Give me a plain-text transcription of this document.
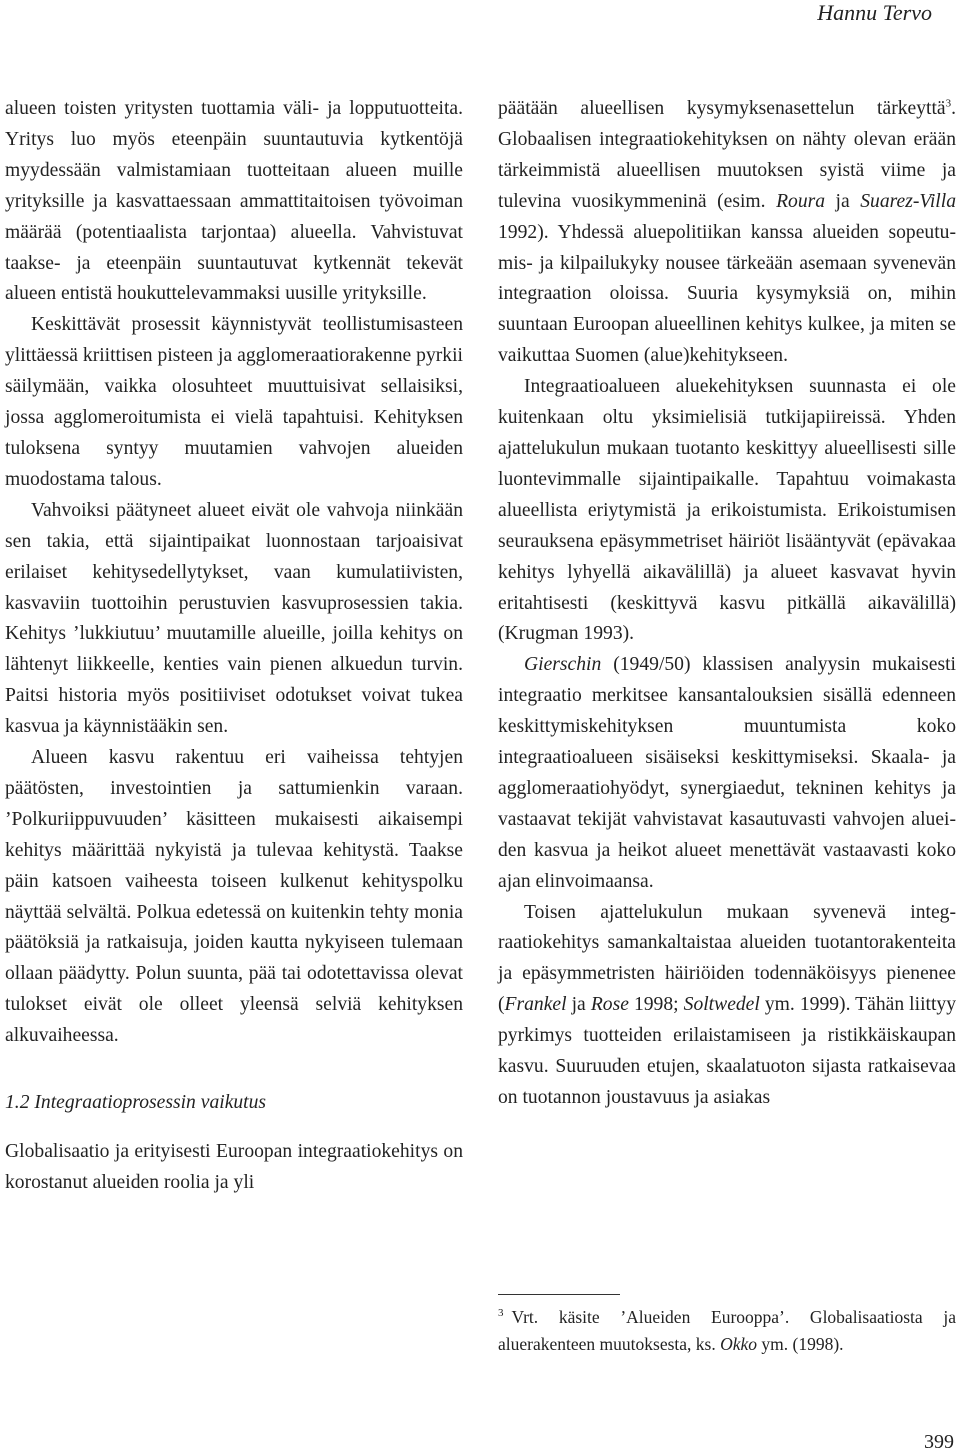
Hannu Tervo

alueen toisten yritysten tuottamia väli- ja lopputuotteita. Yritys luo myös eteenpäin suuntautuvia kytkentöjä myydessään valmistamiaan tuotteitaan alueen muille yrityksille ja kasvattaessaan ammattitaitoisen työvoiman määrää (potentiaalista tarjontaa) alueella. Vahvistuvat taakse- ja eteenpäin suuntautuvat kytkennät tekevät alueen entistä houkuttelevammaksi uusille yrityksille.

Keskittävät prosessit käynnistyvät teollistumisasteen ylittäessä kriittisen pisteen ja agglomeraatiorakenne pyrkii säilymään, vaikka olosuhteet muuttuisivat sellaisiksi, jossa agglomeroitumista ei vielä tapahtuisi. Kehityksen tuloksena syntyy muutamien vahvojen alueiden muodostama talous.

Vahvoiksi päätyneet alueet eivät ole vahvoja niinkään sen takia, että sijaintipaikat luonnostaan tarjoaisivat erilaiset kehitysedellytykset, vaan kumulatiivisten, kasvaviin tuottoihin perustuvien kasvuprosessien takia. Kehitys ’lukkiutuu’ muutamille alueille, joilla kehitys on lähtenyt liikkeelle, kenties vain pienen alkuedun turvin. Paitsi historia myös positiiviset odotukset voivat tukea kasvua ja käynnistääkin sen.

Alueen kasvu rakentuu eri vaiheissa tehtyjen päätösten, investointien ja sattumienkin varaan. ’Polkuriippuvuuden’ käsitteen mukaisesti aikaisempi kehitys määrittää nykyistä ja tulevaa kehitystä. Taakse päin katsoen vaiheesta toiseen kulkenut kehityspolku näyttää selvältä. Polkua edetessä on kuitenkin tehty monia päätöksiä ja ratkaisuja, joiden kautta nykyiseen tulemaan ollaan päädytty. Polun suunta, pää tai odotettavissa olevat tulokset eivät ole olleet yleensä selviä kehityksen alkuvaiheessa.

1.2 Integraatioprosessin vaikutus

Globalisaatio ja erityisesti Euroopan integraatiokehitys on korostanut alueiden roolia ja yli

päätään alueellisen kysymyksenasettelun tärkeyttä$^3$. Globaalisen integraatiokehityksen on nähty olevan erään tärkeimmistä alueellisen muutoksen syistä viime ja tulevina vuosikymmeninä (esim. Roura ja Suarez-Villa 1992). Yhdessä aluepolitiikan kanssa alueiden sopeutumis- ja kilpailukyky nousee tärkeään asemaan syvenevän integraation oloissa. Suuria kysymyksiä on, mihin suuntaan Euroopan alueellinen kehitys kulkee, ja miten se vaikuttaa Suomen (alue)kehitykseen.

Integraatioalueen aluekehityksen suunnasta ei ole kuitenkaan oltu yksimielisiä tutkijapiireissä. Yhden ajattelukulun mukaan tuotanto keskittyy alueellisesti sille luontevimmalle sijaintipaikalle. Tapahtuu voimakasta alueellista eriytymistä ja erikoistumista. Erikoistumisen seurauksena epäsymmetriset häiriöt lisääntyvät (epävakaa kehitys lyhyellä aikavälillä) ja alueet kasvavat hyvin eritahtisesti (keskittyvä kasvu pitkällä aikavälillä) (Krugman 1993).

Gierschin (1949/50) klassisen analyysin mukaisesti integraatio merkitsee kansantalouksien sisällä edenneen keskittymiskehityksen muuntumista koko integraatioalueen sisäiseksi keskittymiseksi. Skaala- ja agglomeraatiohyödyt, synergiaedut, tekninen kehitys ja vastaavat tekijät vahvistavat kasautuvasti vahvojen alueiden kasvua ja heikot alueet menettävät vastaavasti koko ajan elinvoimaansa.

Toisen ajattelukulun mukaan syvenevä integraatiokehitys samankaltaistaa alueiden tuotantorakenteita ja epäsymmetristen häiriöiden todennäköisyys pienenee (Frankel ja Rose 1998; Soltwedel ym. 1999). Tähän liittyy pyrkimys tuotteiden erilaistamiseen ja ristikkäiskaupan kasvu. Suuruuden etujen, skaalatuoton sijasta ratkaisevaa on tuotannon joustavuus ja asiakas

$^3$ Vrt. käsite ’Alueiden Eurooppa’. Globalisaatiosta ja aluerakenteen muutoksesta, ks. Okko ym. (1998).
399
